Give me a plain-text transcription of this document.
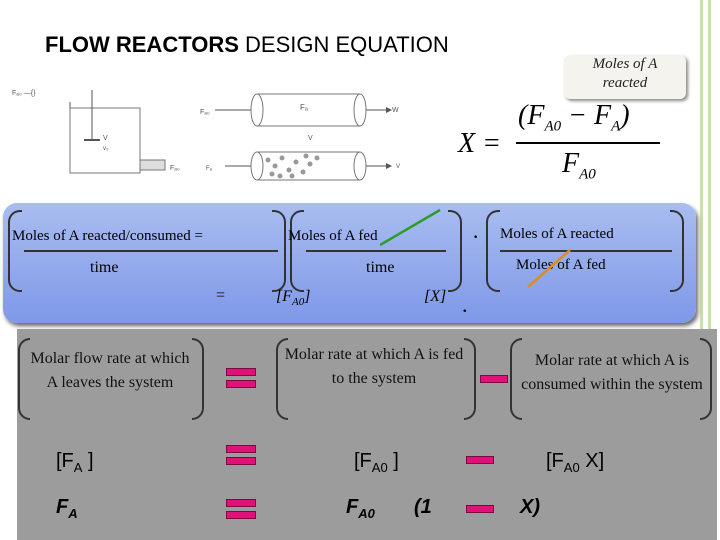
FLOW REACTORS DESIGN EQUATION
Moles of A
reacted
Fₐ₀ —{}
V
v₀
Fₐ₀
Fₐ	W
V
Fₐ₀	Fₐ	V
X =
$(F_{A0} - F_A)$
$F_{A0}$
Moles of A reacted/consumed =
time
Moles of A fed
time
· Moles of A reacted
Moles of A fed
=	$[F_{A0}]$	[X] .
Molar flow rate at which A leaves the system
Molar rate at which A is fed to the system
Molar rate at which A is consumed within the system
[$F_A$ ]	[$F_{A0}$ ]	[$F_{A0}$ X]
$F_A$	$F_{A0}$ (1	X)
